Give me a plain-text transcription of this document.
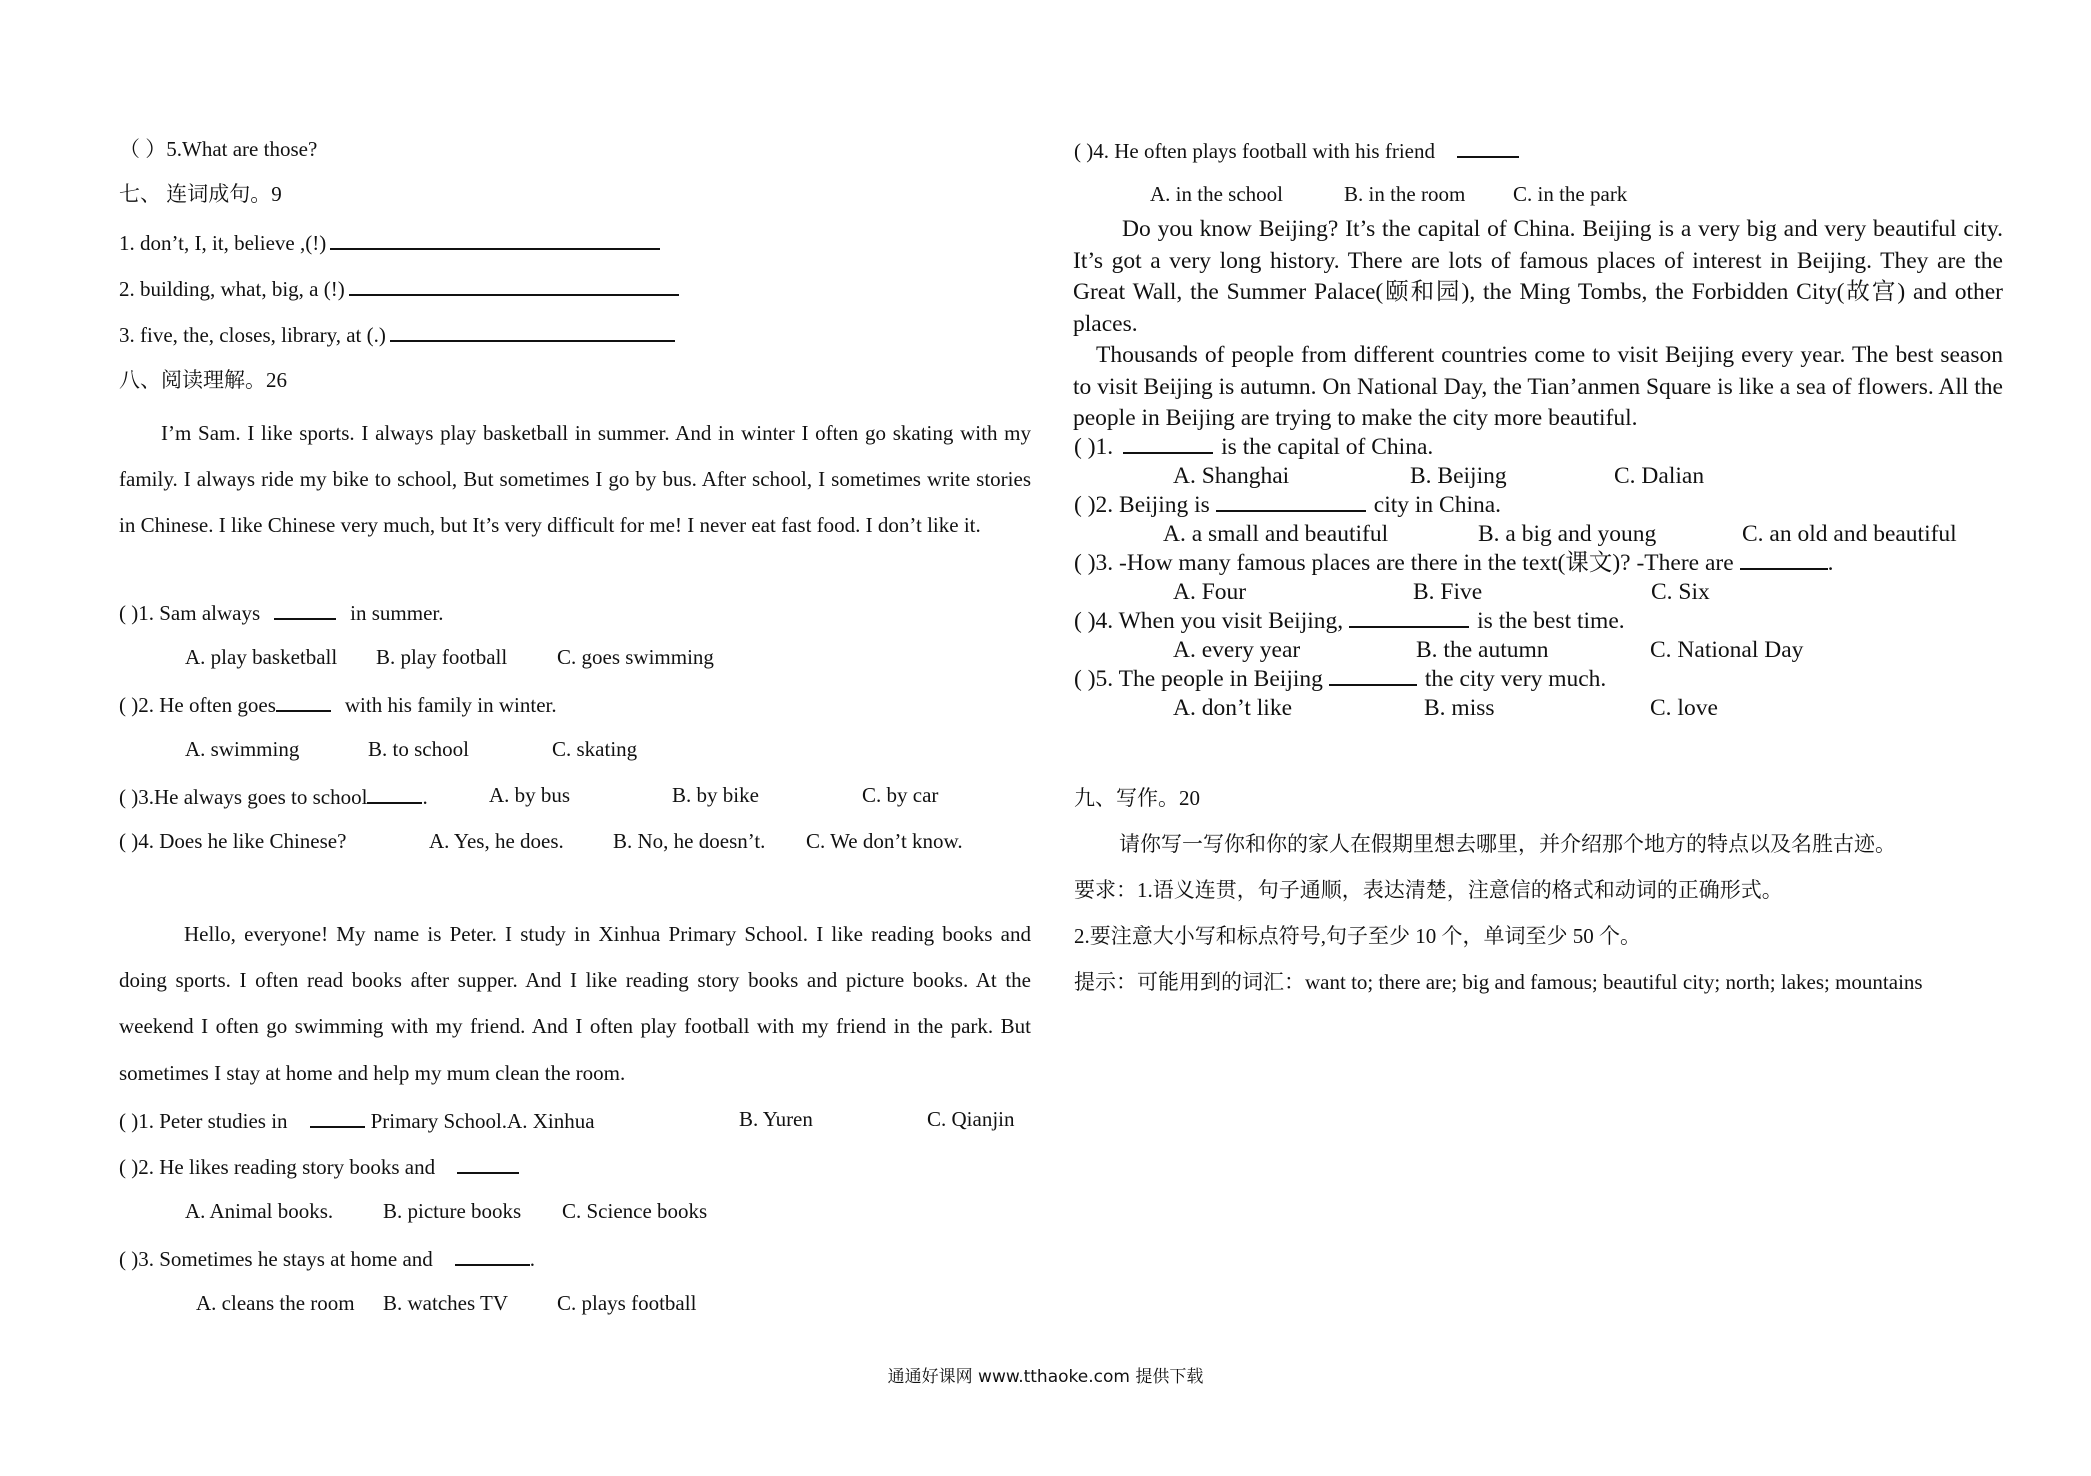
（ ）5.What are those?
七、 连词成句。9
1. don’t, I, it, believe ,(!)
2. building, what, big, a (!)
3. five, the, closes, library, at (.)
八、阅读理解。26
I’m Sam. I like sports. I always play basketball in summer. And in winter I often go skating with my family. I always ride my bike to school, But sometimes I go by bus. After school, I sometimes write stories in Chinese. I like Chinese very much, but It’s very difficult for me! I never eat fast food. I don’t like it.
( )1. Sam always	in summer.
A. play basketball B. play football C. goes swimming
( )2. He often goes	with his family in winter.
A. swimming	B. to school	C. skating
( )3.He always goes to school	.	A. by bus	B. by bike	C. by car
( )4. Does he like Chinese?	A. Yes, he does. B. No, he doesn’t. C. We don’t know.
Hello, everyone! My name is Peter. I study in Xinhua Primary School. I like reading books and doing sports. I often read books after supper. And I like reading story books and picture books. At the weekend I often go swimming with my friend. And I often play football with my friend in the park. But sometimes I stay at home and help my mum clean the room.
( )1. Peter studies in	Primary School.A. Xinhua	B. Yuren	C. Qianjin
( )2. He likes reading story books and
A. Animal books. B. picture books C. Science books
( )3. Sometimes he stays at home and	.
A. cleans the room B. watches TV C. plays football
( )4. He often plays football with his friend
A. in the school	B. in the room C. in the park
Do you know Beijing? It’s the capital of China. Beijing is a very big and very beautiful city. It’s got a very long history. There are lots of famous places of interest in Beijing. They are the Great Wall, the Summer Palace(颐和园), the Ming Tombs, the Forbidden City(故宫) and other places.
Thousands of people from different countries come to visit Beijing every year. The best season to visit Beijing is autumn. On National Day, the Tian’anmen Square is like a sea of flowers. All the people in Beijing are trying to make the city more beautiful.
( )1.	is the capital of China.
A. Shanghai	B. Beijing	C. Dalian
( )2. Beijing is	city in China.
A. a small and beautiful	B. a big and young	C. an old and beautiful
( )3. -How many famous places are there in the text(课文)? -There are	.
A. Four	B. Five	C. Six
( )4. When you visit Beijing,	is the best time.
A. every year	B. the autumn	C. National Day
( )5. The people in Beijing	the city very much.
A. don’t like	B. miss	C. love
九、写作。20
请你写一写你和你的家人在假期里想去哪里，并介绍那个地方的特点以及名胜古迹。
要求：1.语义连贯，句子通顺，表达清楚，注意信的格式和动词的正确形式。
2.要注意大小写和标点符号,句子至少 10 个，单词至少 50 个。
提示：可能用到的词汇：want to; there are; big and famous; beautiful city; north; lakes; mountains
通通好课网 www.tthaoke.com 提供下载
